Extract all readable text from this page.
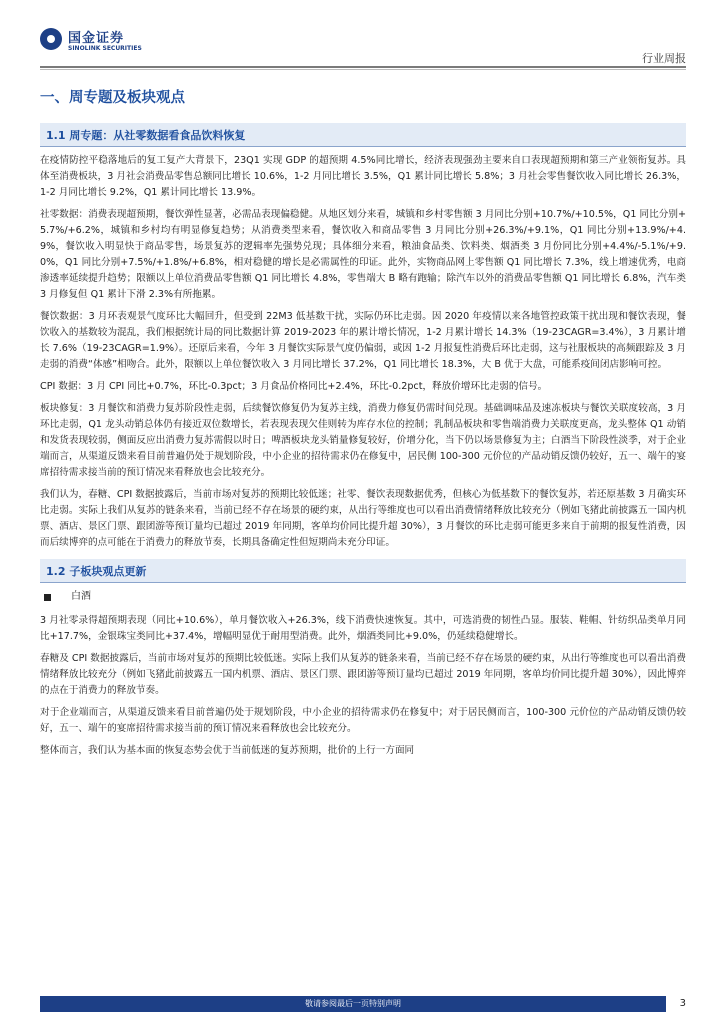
国金证券
SINOLINK SECURITIES
行业周报
一、周专题及板块观点
1.1 周专题：从社零数据看食品饮料恢复

在疫情防控平稳落地后的复工复产大背景下，23Q1 实现 GDP 的超预期 4.5%同比增长，经济表现强劲主要来自口表现超预期和第三产业领衔复苏。具体至消费板块，3 月社会消费品零售总额同比增长 10.6%，1-2 月同比增长 3.5%，Q1 累计同比增长 5.8%；3 月社会零售餐饮收入同比增长 26.3%，1-2 月同比增长 9.2%，Q1 累计同比增长 13.9%。

社零数据：消费表现超预期，餐饮弹性显著，必需品表现偏稳健。从地区划分来看，城镇和乡村零售额 3 月同比分别+10.7%/+10.5%，Q1 同比分别+5.7%/+6.2%，城镇和乡村均有明显修复趋势；从消费类型来看，餐饮收入和商品零售 3 月同比分别+26.3%/+9.1%，Q1 同比分别+13.9%/+4.9%，餐饮收入明显快于商品零售，场景复苏的逻辑率先强势兑现；具体细分来看，粮油食品类、饮料类、烟酒类 3 月份同比分别+4.4%/-5.1%/+9.0%，Q1 同比分别+7.5%/+1.8%/+6.8%，相对稳健的增长是必需属性的印证。此外，实物商品网上零售额 Q1 同比增长 7.3%，线上增速优秀，电商渗透率延续提升趋势；限额以上单位消费品零售额 Q1 同比增长 4.8%，零售端大 B 略有跑输；除汽车以外的消费品零售额 Q1 同比增长 6.8%，汽车类 3 月修复但 Q1 累计下滑 2.3%有所拖累。

餐饮数据：3 月环表观景气度环比大幅回升，但受到 22M3 低基数干扰，实际仍环比走弱。因 2020 年疫情以来各地管控政策干扰出现和餐饮表现，餐饮收入的基数较为混乱，我们根据统计局的同比数据计算 2019-2023 年的累计增长情况，1-2 月累计增长 14.3%（19-23CAGR=3.4%），3 月累计增长 7.6%（19-23CAGR=1.9%）。还原后来看，今年 3 月餐饮实际景气度仍偏弱，或因 1-2 月报复性消费后环比走弱，这与社服板块的高频跟踪及 3 月走弱的消费“体感”相吻合。此外，限额以上单位餐饮收入 3 月同比增长 37.2%，Q1 同比增长 18.3%，大 B 优于大盘，可能系疫间闭店影响可控。

CPI 数据：3 月 CPI 同比+0.7%，环比-0.3pct；3 月食品价格同比+2.4%，环比-0.2pct，释放价增环比走弱的信号。

板块修复：3 月餐饮和消费力复苏阶段性走弱，后续餐饮修复仍为复苏主线，消费力修复仍需时间兑现。基础调味品及速冻板块与餐饮关联度较高，3 月环比走弱，Q1 龙头动销总体仍有接近双位数增长，若表现表现欠佳则转为库存水位的控制；乳制品板块和零售端消费力关联度更高，龙头整体 Q1 动销和发货表现较弱，侧面反应出消费力复苏需假以时日；啤酒板块龙头销量修复较好，价增分化，当下仍以场景修复为主；白酒当下阶段性淡季，对于企业端而言，从渠道反馈来看目前普遍仍处于规划阶段，中小企业的招待需求仍在修复中，居民侧 100-300 元价位的产品动销反馈仍较好，五一、端午的宴席招待需求接当前的预订情况来看释放也会比较充分。

我们认为，春糖、CPI 数据披露后，当前市场对复苏的预期比较低迷；社零、餐饮表现数据优秀，但核心为低基数下的餐饮复苏，若还原基数 3 月确实环比走弱。实际上我们从复苏的链条来看，当前已经不存在场景的硬约束，从出行等维度也可以看出消费情绪释放比较充分（例如飞猪此前披露五一国内机票、酒店、景区门票、跟团游等预订量均已超过 2019 年同期，客单均价同比提升超 30%），3 月餐饮的环比走弱可能更多来自于前期的报复性消费，因而后续博弈的点可能在于消费力的释放节奏，长期具备确定性但短期尚未充分印证。

1.2 子板块观点更新
白酒

3 月社零录得超预期表现（同比+10.6%），单月餐饮收入+26.3%，线下消费快速恢复。其中，可选消费的韧性凸显。服装、鞋帽、针纺织品类单月同比+17.7%，金银珠宝类同比+37.4%，增幅明显优于耐用型消费。此外，烟酒类同比+9.0%，仍延续稳健增长。

春糖及 CPI 数据披露后，当前市场对复苏的预期比较低迷。实际上我们从复苏的链条来看，当前已经不存在场景的硬约束，从出行等维度也可以看出消费情绪释放比较充分（例如飞猪此前披露五一国内机票、酒店、景区门票、跟团游等预订量均已超过 2019 年同期，客单均价同比提升超 30%），因此博弈的点在于消费力的释放节奏。

对于企业端而言，从渠道反馈来看目前普遍仍处于规划阶段，中小企业的招待需求仍在修复中；对于居民侧而言，100-300 元价位的产品动销反馈仍较好，五一、端午的宴席招待需求接当前的预订情况来看释放也会比较充分。

整体而言，我们认为基本面的恢复态势会优于当前低迷的复苏预期，批价的上行一方面同

敬请参阅最后一页特别声明	3
